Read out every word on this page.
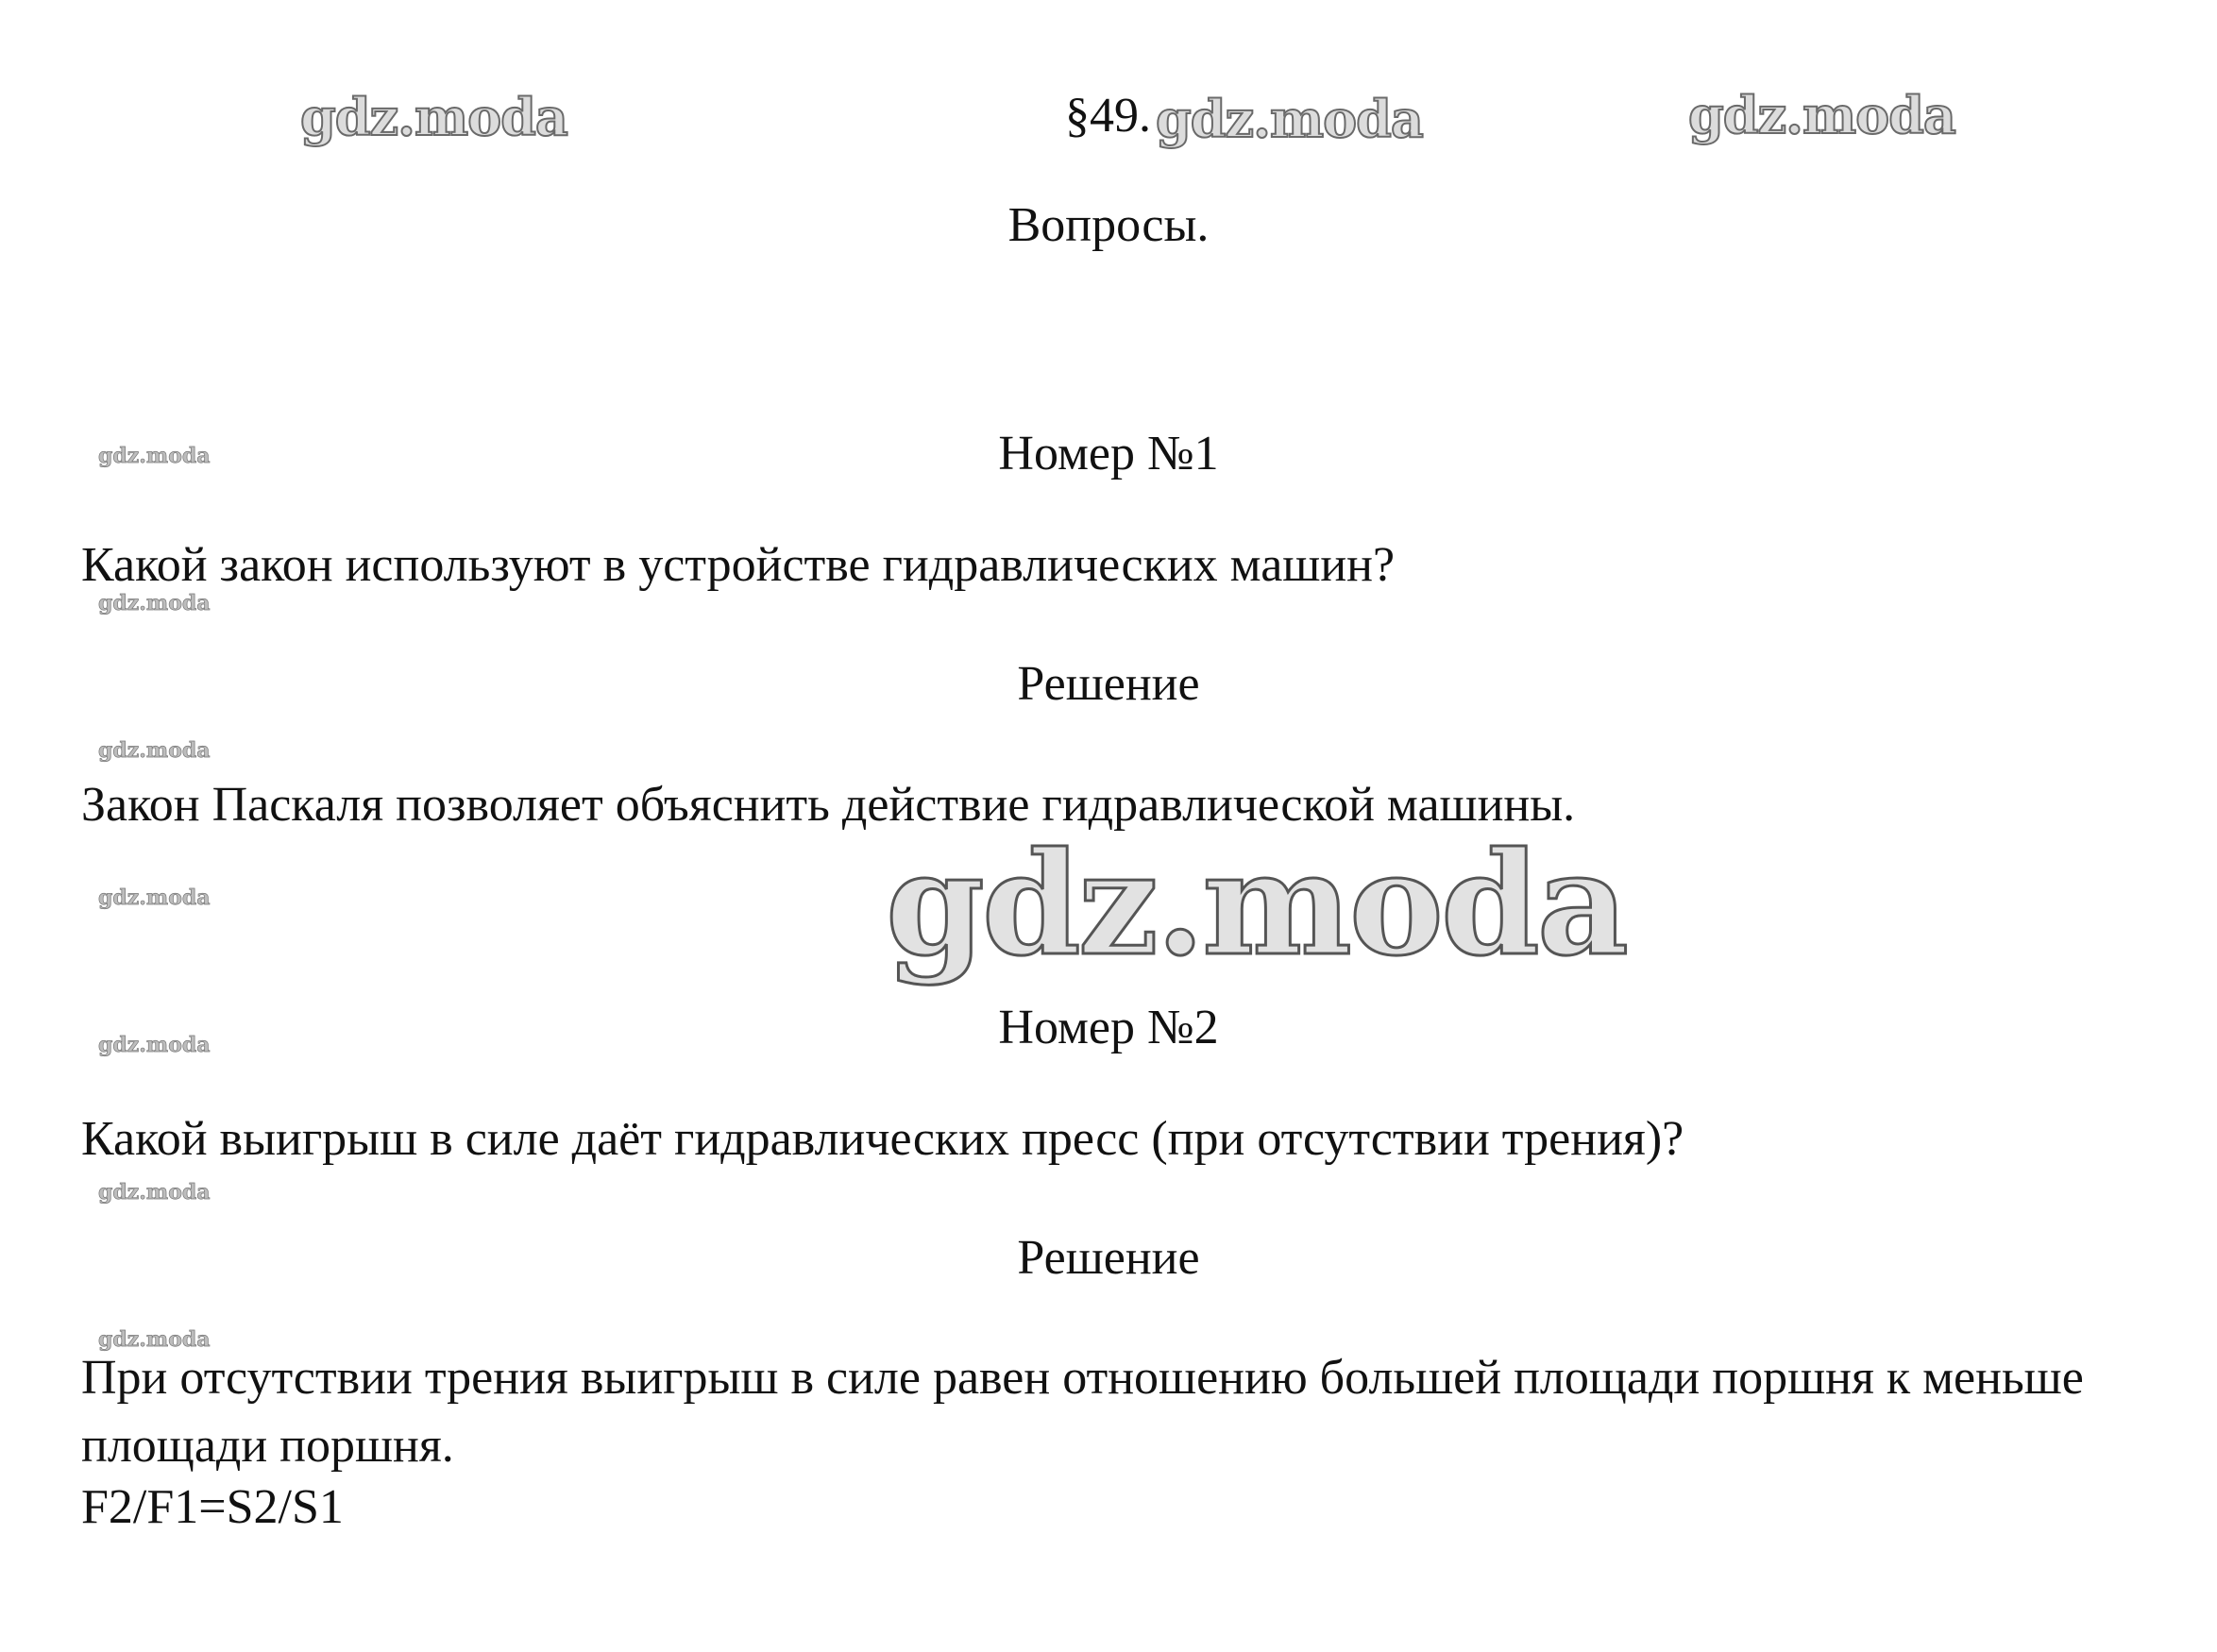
gdz.moda	§49. gdz.moda	gdz.moda
Вопросы.
gdz.moda
gdz.moda
gdz.moda
gdz.moda
gdz.moda
gdz.moda
gdz.moda
Номер №1
Какой закон используют в устройстве гидравлических машин?
Решение
Закон Паскаля позволяет объяснить действие гидравлической машины.
gdz.moda
Номер №2
Какой выигрыш в силе даёт гидравлических пресс (при отсутствии трения)?
Решение
При отсутствии трения выигрыш в силе равен отношению большей площади поршня к меньше площади поршня.
F2/F1=S2/S1
